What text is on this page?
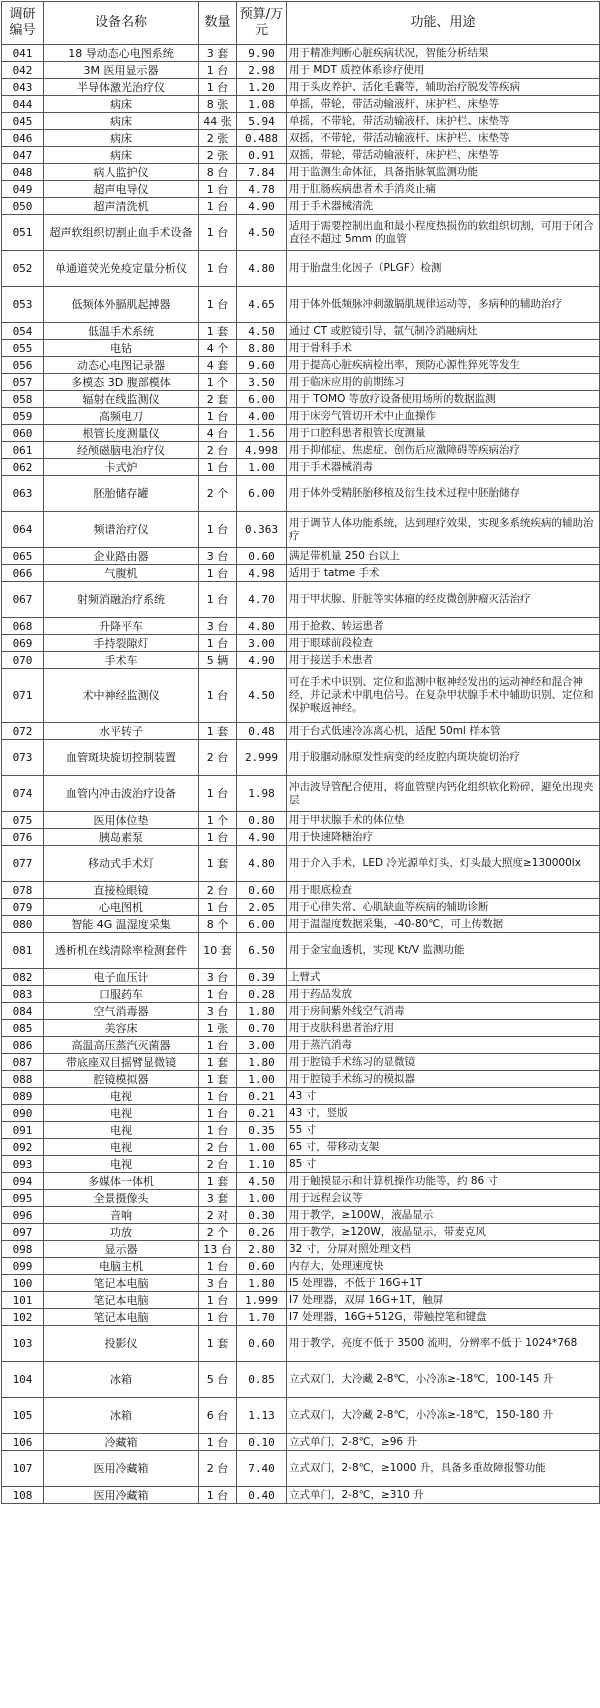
调研编号	设备名称	数量	预算/万元	功能、用途
041	18 导动态心电图系统	3 套	9.90	用于精准判断心脏疾病状况，智能分析结果
042	3M 医用显示器	1 台	2.98	用于 MDT 质控体系诊疗使用
043	半导体激光治疗仪	1 台	1.20	用于头皮养护、活化毛囊等，辅助治疗脱发等疾病
044	病床	8 张	1.08	单摇，带轮，带活动输液杆、床护栏、床垫等
045	病床	44 张	5.94	单摇，不带轮，带活动输液杆、床护栏、床垫等
046	病床	2 张	0.488	双摇，不带轮，带活动输液杆、床护栏、床垫等
047	病床	2 张	0.91	双摇，带轮，带活动输液杆、床护栏、床垫等
048	病人监护仪	8 台	7.84	用于监测生命体征，具备指脉氧监测功能
049	超声电导仪	1 台	4.78	用于肛肠疾病患者术手消炎止痛
050	超声清洗机	1 台	4.90	用于手术器械清洗
051	超声软组织切割止血手术设备	1 台	4.50	适用于需要控制出血和最小程度热损伤的软组织切割，可用于闭合直径不超过 5mm 的血管
052	单通道荧光免疫定量分析仪	1 台	4.80	用于胎盘生化因子（PLGF）检测
053	低频体外膈肌起搏器	1 台	4.65	用于体外低频脉冲刺激膈肌规律运动等，多病种的辅助治疗
054	低温手术系统	1 套	4.50	通过 CT 或腔镜引导，氩气制冷消融病灶
055	电钻	4 个	8.80	用于骨科手术
056	动态心电图记录器	4 套	9.60	用于提高心脏疾病检出率，预防心源性猝死等发生
057	多模态 3D 腹部模体	1 个	3.50	用于临床应用的前期练习
058	辐射在线监测仪	2 套	6.00	用于 TOMO 等放疗设备使用场所的数据监测
059	高频电刀	1 台	4.00	用于床旁气管切开术中止血操作
060	根管长度测量仪	4 台	1.56	用于口腔科患者根管长度测量
061	经颅磁脑电治疗仪	2 台	4.998	用于抑郁症、焦虑症、创伤后应激障碍等疾病治疗
062	卡式炉	1 台	1.00	用于手术器械消毒
063	胚胎储存罐	2 个	6.00	用于体外受精胚胎移植及衍生技术过程中胚胎储存
064	频谱治疗仪	1 台	0.363	用于调节人体功能系统，达到理疗效果，实现多系统疾病的辅助治疗
065	企业路由器	3 台	0.60	满足带机量 250 台以上
066	气腹机	1 台	4.98	适用于 tatme 手术
067	射频消融治疗系统	1 台	4.70	用于甲状腺、肝脏等实体瘤的经皮微创肿瘤灭活治疗
068	升降平车	3 台	4.80	用于抢救、转运患者
069	手持裂隙灯	1 台	3.00	用于眼球前段检查
070	手术车	5 辆	4.90	用于接送手术患者
071	术中神经监测仪	1 台	4.50	可在手术中识别、定位和监测中枢神经发出的运动神经和混合神经，并记录术中肌电信号。在复杂甲状腺手术中辅助识别、定位和保护喉返神经。
072	水平转子	1 套	0.48	用于台式低速冷冻离心机，适配 50ml 样本管
073	血管斑块旋切控制装置	2 台	2.999	用于股腘动脉原发性病变的经皮腔内斑块旋切治疗
074	血管内冲击波治疗设备	1 台	1.98	冲击波导管配合使用，将血管壁内钙化组织软化粉碎，避免出现夹层
075	医用体位垫	1 个	0.80	用于甲状腺手术的体位垫
076	胰岛素泵	1 台	4.90	用于快速降糖治疗
077	移动式手术灯	1 套	4.80	用于介入手术，LED 冷光源单灯头，灯头最大照度≥130000lx
078	直接检眼镜	2 台	0.60	用于眼底检查
079	心电图机	1 台	2.05	用于心律失常、心肌缺血等疾病的辅助诊断
080	智能 4G 温湿度采集	8 个	6.00	用于温湿度数据采集，-40-80℃，可上传数据
081	透析机在线清除率检测套件	10 套	6.50	用于金宝血透机，实现 Kt/V 监测功能
082	电子血压计	3 台	0.39	上臂式
083	口服药车	1 台	0.28	用于药品发放
084	空气消毒器	3 台	1.80	用于房间紫外线空气消毒
085	美容床	1 张	0.70	用于皮肤科患者治疗用
086	高温高压蒸汽灭菌器	1 台	3.00	用于蒸汽消毒
087	带底座双目摇臂显微镜	1 套	1.80	用于腔镜手术练习的显微镜
088	腔镜模拟器	1 套	1.00	用于腔镜手术练习的模拟器
089	电视	1 台	0.21	43 寸
090	电视	1 台	0.21	43 寸，竖版
091	电视	1 台	0.35	55 寸
092	电视	2 台	1.00	65 寸，带移动支架
093	电视	2 台	1.10	85 寸
094	多媒体一体机	1 套	4.50	用于触摸显示和计算机操作功能等，约 86 寸
095	全景摄像头	3 套	1.00	用于远程会议等
096	音响	2 对	0.30	用于教学，≥100W，液晶显示
097	功放	2 个	0.26	用于教学，≥120W，液晶显示，带麦克风
098	显示器	13 台	2.80	32 寸，分屏对照处理文档
099	电脑主机	1 台	0.60	内存大，处理速度快
100	笔记本电脑	3 台	1.80	I5 处理器，不低于 16G+1T
101	笔记本电脑	1 台	1.999	I7 处理器，双屏 16G+1T，触屏
102	笔记本电脑	1 台	1.70	I7 处理器，16G+512G，带触控笔和键盘
103	投影仪	1 套	0.60	用于教学，亮度不低于 3500 流明，分辨率不低于 1024*768
104	冰箱	5 台	0.85	立式双门，大冷藏 2-8℃，小冷冻≥-18℃，100-145 升
105	冰箱	6 台	1.13	立式双门，大冷藏 2-8℃，小冷冻≥-18℃，150-180 升
106	冷藏箱	1 台	0.10	立式单门，2-8℃，≥96 升
107	医用冷藏箱	2 台	7.40	立式双门，2-8℃，≥1000 升，具备多重故障报警功能
108	医用冷藏箱	1 台	0.40	立式单门，2-8℃，≥310 升
